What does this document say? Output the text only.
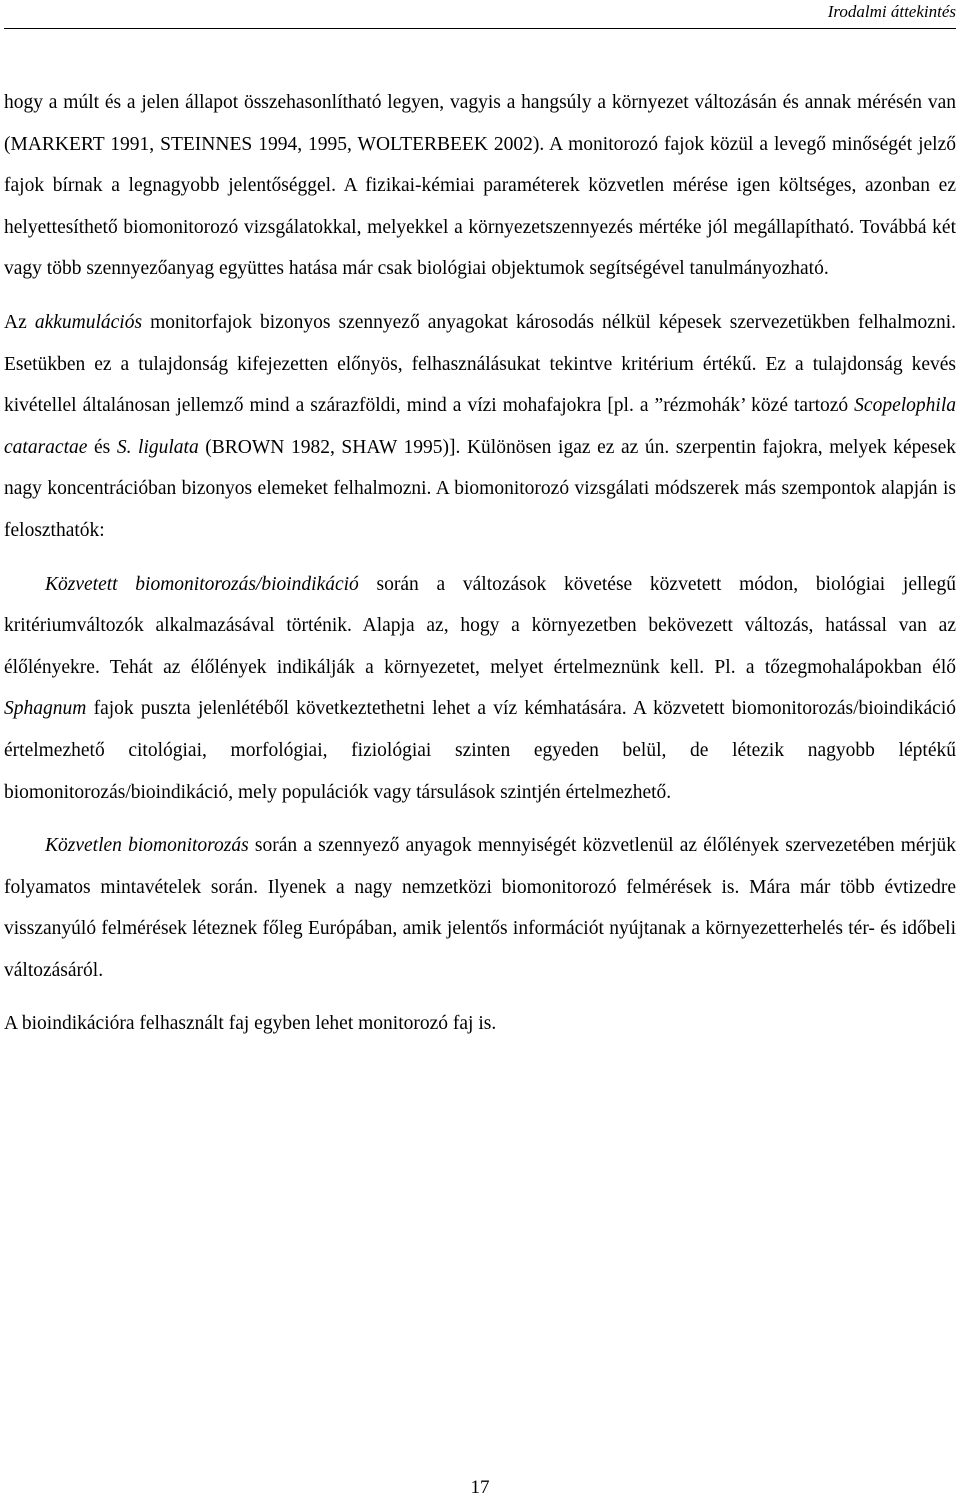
Irodalmi áttekintés

hogy a múlt és a jelen állapot összehasonlítható legyen, vagyis a hangsúly a környezet változásán és annak mérésén van (MARKERT 1991, STEINNES 1994, 1995, WOLTERBEEK 2002). A monitorozó fajok közül a levegő minőségét jelző fajok bírnak a legnagyobb jelentőséggel. A fizikai-kémiai paraméterek közvetlen mérése igen költséges, azonban ez helyettesíthető biomonitorozó vizsgálatokkal, melyekkel a környezetszennyezés mértéke jól megállapítható. Továbbá két vagy több szennyezőanyag együttes hatása már csak biológiai objektumok segítségével tanulmányozható.

Az akkumulációs monitorfajok bizonyos szennyező anyagokat károsodás nélkül képesek szervezetükben felhalmozni. Esetükben ez a tulajdonság kifejezetten előnyös, felhasználásukat tekintve kritérium értékű. Ez a tulajdonság kevés kivétellel általánosan jellemző mind a szárazföldi, mind a vízi mohafajokra [pl. a ”rézmohák’ közé tartozó Scopelophila cataractae és S. ligulata (BROWN 1982, SHAW 1995)]. Különösen igaz ez az ún. szerpentin fajokra, melyek képesek nagy koncentrációban bizonyos elemeket felhalmozni. A biomonitorozó vizsgálati módszerek más szempontok alapján is feloszthatók:

Közvetett biomonitorozás/bioindikáció során a változások követése közvetett módon, biológiai jellegű kritériumváltozók alkalmazásával történik. Alapja az, hogy a környezetben bekövezett változás, hatással van az élőlényekre. Tehát az élőlények indikálják a környezetet, melyet értelmeznünk kell. Pl. a tőzegmohalápokban élő Sphagnum fajok puszta jelenlétéből következtethetni lehet a víz kémhatására. A közvetett biomonitorozás/bioindikáció értelmezhető citológiai, morfológiai, fiziológiai szinten egyeden belül, de létezik nagyobb léptékű biomonitorozás/bioindikáció, mely populációk vagy társulások szintjén értelmezhető.

Közvetlen biomonitorozás során a szennyező anyagok mennyiségét közvetlenül az élőlények szervezetében mérjük folyamatos mintavételek során. Ilyenek a nagy nemzetközi biomonitorozó felmérések is. Mára már több évtizedre visszanyúló felmérések léteznek főleg Európában, amik jelentős információt nyújtanak a környezetterhelés tér- és időbeli változásáról.

A bioindikációra felhasznált faj egyben lehet monitorozó faj is.

17
